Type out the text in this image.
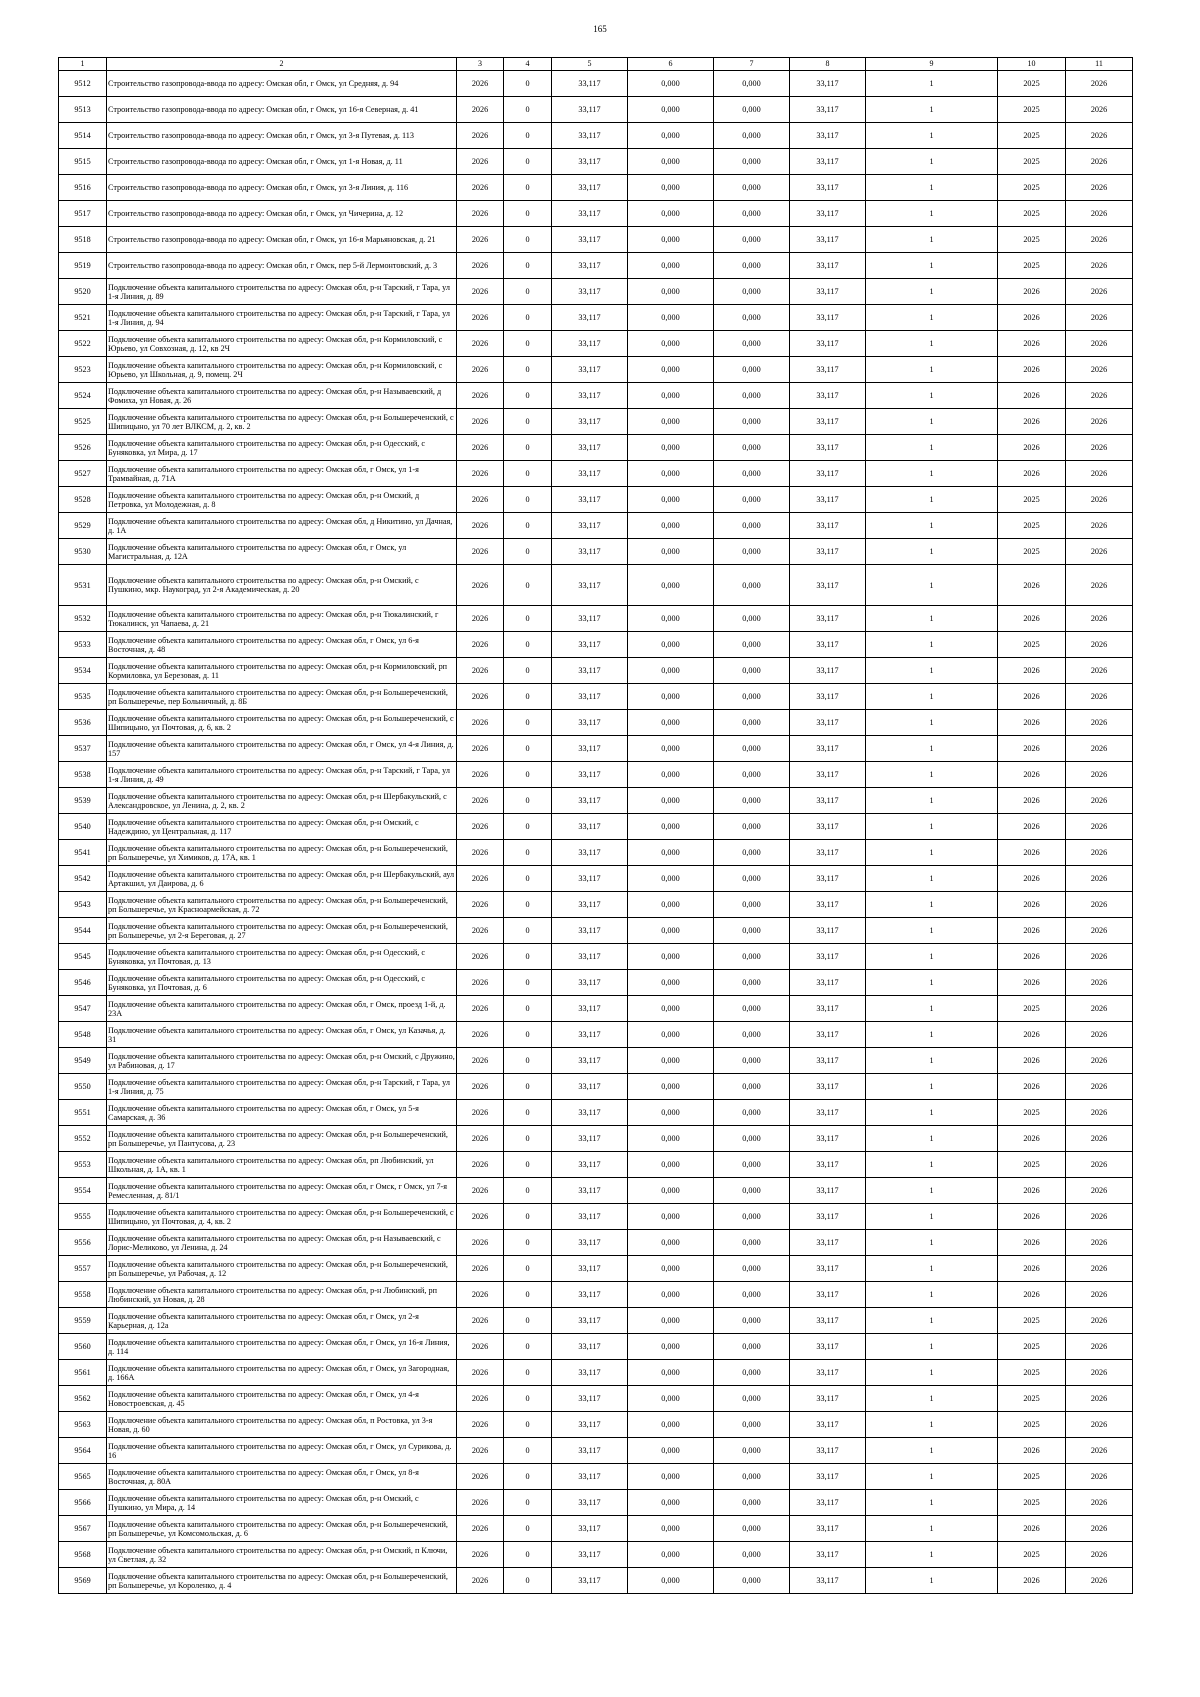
165
1	2	3	4	5	6	7	8	9	10	11
9512	Строительство газопровода-ввода по адресу: Омская обл, г Омск, ул Средняя, д. 94	2026	0	33,117	0,000	0,000	33,117	1	2025	2026
9513	Строительство газопровода-ввода по адресу: Омская обл, г Омск, ул 16-я Северная, д. 41	2026	0	33,117	0,000	0,000	33,117	1	2025	2026
9514	Строительство газопровода-ввода по адресу: Омская обл, г Омск, ул 3-я Путевая, д. 113	2026	0	33,117	0,000	0,000	33,117	1	2025	2026
9515	Строительство газопровода-ввода по адресу: Омская обл, г Омск, ул 1-я Новая, д. 11	2026	0	33,117	0,000	0,000	33,117	1	2025	2026
9516	Строительство газопровода-ввода по адресу: Омская обл, г Омск, ул 3-я Линия, д. 116	2026	0	33,117	0,000	0,000	33,117	1	2025	2026
9517	Строительство газопровода-ввода по адресу: Омская обл, г Омск, ул Чичерина, д. 12	2026	0	33,117	0,000	0,000	33,117	1	2025	2026
9518	Строительство газопровода-ввода по адресу: Омская обл, г Омск, ул 16-я Марьяновская, д. 21	2026	0	33,117	0,000	0,000	33,117	1	2025	2026
9519	Строительство газопровода-ввода по адресу: Омская обл, г Омск, пер 5-й Лермонтовский, д. 3	2026	0	33,117	0,000	0,000	33,117	1	2025	2026
9520	Подключение объекта капитального строительства по адресу: Омская обл, р-н Тарский, г Тара, ул 1-я Линия, д. 89	2026	0	33,117	0,000	0,000	33,117	1	2026	2026
9521	Подключение объекта капитального строительства по адресу: Омская обл, р-н Тарский, г Тара, ул 1-я Линия, д. 94	2026	0	33,117	0,000	0,000	33,117	1	2026	2026
9522	Подключение объекта капитального строительства по адресу: Омская обл, р-н Кормиловский, с Юрьево, ул Совхозная, д. 12, кв 2Ч	2026	0	33,117	0,000	0,000	33,117	1	2026	2026
9523	Подключение объекта капитального строительства по адресу: Омская обл, р-н Кормиловский, с Юрьево, ул Школьная, д. 9, помещ. 2Ч	2026	0	33,117	0,000	0,000	33,117	1	2026	2026
9524	Подключение объекта капитального строительства по адресу: Омская обл, р-н Называевский, д Фомиха, ул Новая, д. 26	2026	0	33,117	0,000	0,000	33,117	1	2026	2026
9525	Подключение объекта капитального строительства по адресу: Омская обл, р-н Большереченский, с Шипицыно, ул 70 лет ВЛКСМ, д. 2, кв. 2	2026	0	33,117	0,000	0,000	33,117	1	2026	2026
9526	Подключение объекта капитального строительства по адресу: Омская обл, р-н Одесский, с Буняковка, ул Мира, д. 17	2026	0	33,117	0,000	0,000	33,117	1	2026	2026
9527	Подключение объекта капитального строительства по адресу: Омская обл, г Омск, ул 1-я Трамвайная, д. 71А	2026	0	33,117	0,000	0,000	33,117	1	2026	2026
9528	Подключение объекта капитального строительства по адресу: Омская обл, р-н Омский, д Петровка, ул Молодежная, д. 8	2026	0	33,117	0,000	0,000	33,117	1	2025	2026
9529	Подключение объекта капитального строительства по адресу: Омская обл, д Никитино, ул Дачная, д. 1А	2026	0	33,117	0,000	0,000	33,117	1	2025	2026
9530	Подключение объекта капитального строительства по адресу: Омская обл, г Омск, ул Магистральная, д. 12А	2026	0	33,117	0,000	0,000	33,117	1	2025	2026
9531	Подключение объекта капитального строительства по адресу: Омская обл, р-н Омский, с Пушкино, мкр. Наукоград, ул 2-я Академическая, д. 20	2026	0	33,117	0,000	0,000	33,117	1	2026	2026
9532	Подключение объекта капитального строительства по адресу: Омская обл, р-н Тюкалинский, г Тюкалинск, ул Чапаева, д. 21	2026	0	33,117	0,000	0,000	33,117	1	2026	2026
9533	Подключение объекта капитального строительства по адресу: Омская обл, г Омск, ул 6-я Восточная, д. 48	2026	0	33,117	0,000	0,000	33,117	1	2025	2026
9534	Подключение объекта капитального строительства по адресу: Омская обл, р-н Кормиловский, рп Кормиловка, ул Березовая, д. 11	2026	0	33,117	0,000	0,000	33,117	1	2026	2026
9535	Подключение объекта капитального строительства по адресу: Омская обл, р-н Большереченский, рп Большеречье, пер Больничный, д. 8Б	2026	0	33,117	0,000	0,000	33,117	1	2026	2026
9536	Подключение объекта капитального строительства по адресу: Омская обл, р-н Большереченский, с Шипицыно, ул Почтовая, д. 6, кв. 2	2026	0	33,117	0,000	0,000	33,117	1	2026	2026
9537	Подключение объекта капитального строительства по адресу: Омская обл, г Омск, ул 4-я Линия, д. 157	2026	0	33,117	0,000	0,000	33,117	1	2026	2026
9538	Подключение объекта капитального строительства по адресу: Омская обл, р-н Тарский, г Тара, ул 1-я Линия, д. 49	2026	0	33,117	0,000	0,000	33,117	1	2026	2026
9539	Подключение объекта капитального строительства по адресу: Омская обл, р-н Шербакульский, с Александровское, ул Ленина, д. 2, кв. 2	2026	0	33,117	0,000	0,000	33,117	1	2026	2026
9540	Подключение объекта капитального строительства по адресу: Омская обл, р-н Омский, с Надеждино, ул Центральная, д. 117	2026	0	33,117	0,000	0,000	33,117	1	2026	2026
9541	Подключение объекта капитального строительства по адресу: Омская обл, р-н Большереченский, рп Большеречье, ул Химиков, д. 17А, кв. 1	2026	0	33,117	0,000	0,000	33,117	1	2026	2026
9542	Подключение объекта капитального строительства по адресу: Омская обл, р-н Шербакульский, аул Артакшил, ул Даирова, д. 6	2026	0	33,117	0,000	0,000	33,117	1	2026	2026
9543	Подключение объекта капитального строительства по адресу: Омская обл, р-н Большереченский, рп Большеречье, ул Красноармейская, д. 72	2026	0	33,117	0,000	0,000	33,117	1	2026	2026
9544	Подключение объекта капитального строительства по адресу: Омская обл, р-н Большереченский, рп Большеречье, ул 2-я Береговая, д. 27	2026	0	33,117	0,000	0,000	33,117	1	2026	2026
9545	Подключение объекта капитального строительства по адресу: Омская обл, р-н Одесский, с Буняковка, ул Почтовая, д. 13	2026	0	33,117	0,000	0,000	33,117	1	2026	2026
9546	Подключение объекта капитального строительства по адресу: Омская обл, р-н Одесский, с Буняковка, ул Почтовая, д. 6	2026	0	33,117	0,000	0,000	33,117	1	2026	2026
9547	Подключение объекта капитального строительства по адресу: Омская обл, г Омск, проезд 1-й, д. 23А	2026	0	33,117	0,000	0,000	33,117	1	2025	2026
9548	Подключение объекта капитального строительства по адресу: Омская обл, г Омск, ул Казачья, д. 31	2026	0	33,117	0,000	0,000	33,117	1	2026	2026
9549	Подключение объекта капитального строительства по адресу: Омская обл, р-н Омский, с Дружино, ул Рабиновая, д. 17	2026	0	33,117	0,000	0,000	33,117	1	2026	2026
9550	Подключение объекта капитального строительства по адресу: Омская обл, р-н Тарский, г Тара, ул 1-я Линия, д. 75	2026	0	33,117	0,000	0,000	33,117	1	2026	2026
9551	Подключение объекта капитального строительства по адресу: Омская обл, г Омск, ул 5-я Самарская, д. 36	2026	0	33,117	0,000	0,000	33,117	1	2025	2026
9552	Подключение объекта капитального строительства по адресу: Омская обл, р-н Большереченский, рп Большеречье, ул Пантусова, д. 23	2026	0	33,117	0,000	0,000	33,117	1	2026	2026
9553	Подключение объекта капитального строительства по адресу: Омская обл, рп Любинский, ул Школьная, д. 1А, кв. 1	2026	0	33,117	0,000	0,000	33,117	1	2025	2026
9554	Подключение объекта капитального строительства по адресу: Омская обл, г Омск, г Омск, ул 7-я Ремесленная, д. 81/1	2026	0	33,117	0,000	0,000	33,117	1	2026	2026
9555	Подключение объекта капитального строительства по адресу: Омская обл, р-н Большереченский, с Шипицыно, ул Почтовая, д. 4, кв. 2	2026	0	33,117	0,000	0,000	33,117	1	2026	2026
9556	Подключение объекта капитального строительства по адресу: Омская обл, р-н Называевский, с Лорис-Меликово, ул Ленина, д. 24	2026	0	33,117	0,000	0,000	33,117	1	2026	2026
9557	Подключение объекта капитального строительства по адресу: Омская обл, р-н Большереченский, рп Большеречье, ул Рабочая, д. 12	2026	0	33,117	0,000	0,000	33,117	1	2026	2026
9558	Подключение объекта капитального строительства по адресу: Омская обл, р-н Любинский, рп Любинский, ул Новая, д. 28	2026	0	33,117	0,000	0,000	33,117	1	2026	2026
9559	Подключение объекта капитального строительства по адресу: Омская обл, г Омск, ул 2-я Карьерная, д. 12а	2026	0	33,117	0,000	0,000	33,117	1	2025	2026
9560	Подключение объекта капитального строительства по адресу: Омская обл, г Омск, ул 16-я Линия, д. 114	2026	0	33,117	0,000	0,000	33,117	1	2025	2026
9561	Подключение объекта капитального строительства по адресу: Омская обл, г Омск, ул Загородная, д. 166А	2026	0	33,117	0,000	0,000	33,117	1	2025	2026
9562	Подключение объекта капитального строительства по адресу: Омская обл, г Омск, ул 4-я Новостроевская, д. 45	2026	0	33,117	0,000	0,000	33,117	1	2025	2026
9563	Подключение объекта капитального строительства по адресу: Омская обл, п Ростовка, ул 3-я Новая, д. 60	2026	0	33,117	0,000	0,000	33,117	1	2025	2026
9564	Подключение объекта капитального строительства по адресу: Омская обл, г Омск, ул Сурикова, д. 16	2026	0	33,117	0,000	0,000	33,117	1	2026	2026
9565	Подключение объекта капитального строительства по адресу: Омская обл, г Омск, ул 8-я Восточная, д. 80А	2026	0	33,117	0,000	0,000	33,117	1	2025	2026
9566	Подключение объекта капитального строительства по адресу: Омская обл, р-н Омский, с Пушкино, ул Мира, д. 14	2026	0	33,117	0,000	0,000	33,117	1	2025	2026
9567	Подключение объекта капитального строительства по адресу: Омская обл, р-н Большереченский, рп Большеречье, ул Комсомольская, д. 6	2026	0	33,117	0,000	0,000	33,117	1	2026	2026
9568	Подключение объекта капитального строительства по адресу: Омская обл, р-н Омский, п Ключи, ул Светлая, д. 32	2026	0	33,117	0,000	0,000	33,117	1	2025	2026
9569	Подключение объекта капитального строительства по адресу: Омская обл, р-н Большереченский, рп Большеречье, ул Короленко, д. 4	2026	0	33,117	0,000	0,000	33,117	1	2026	2026
